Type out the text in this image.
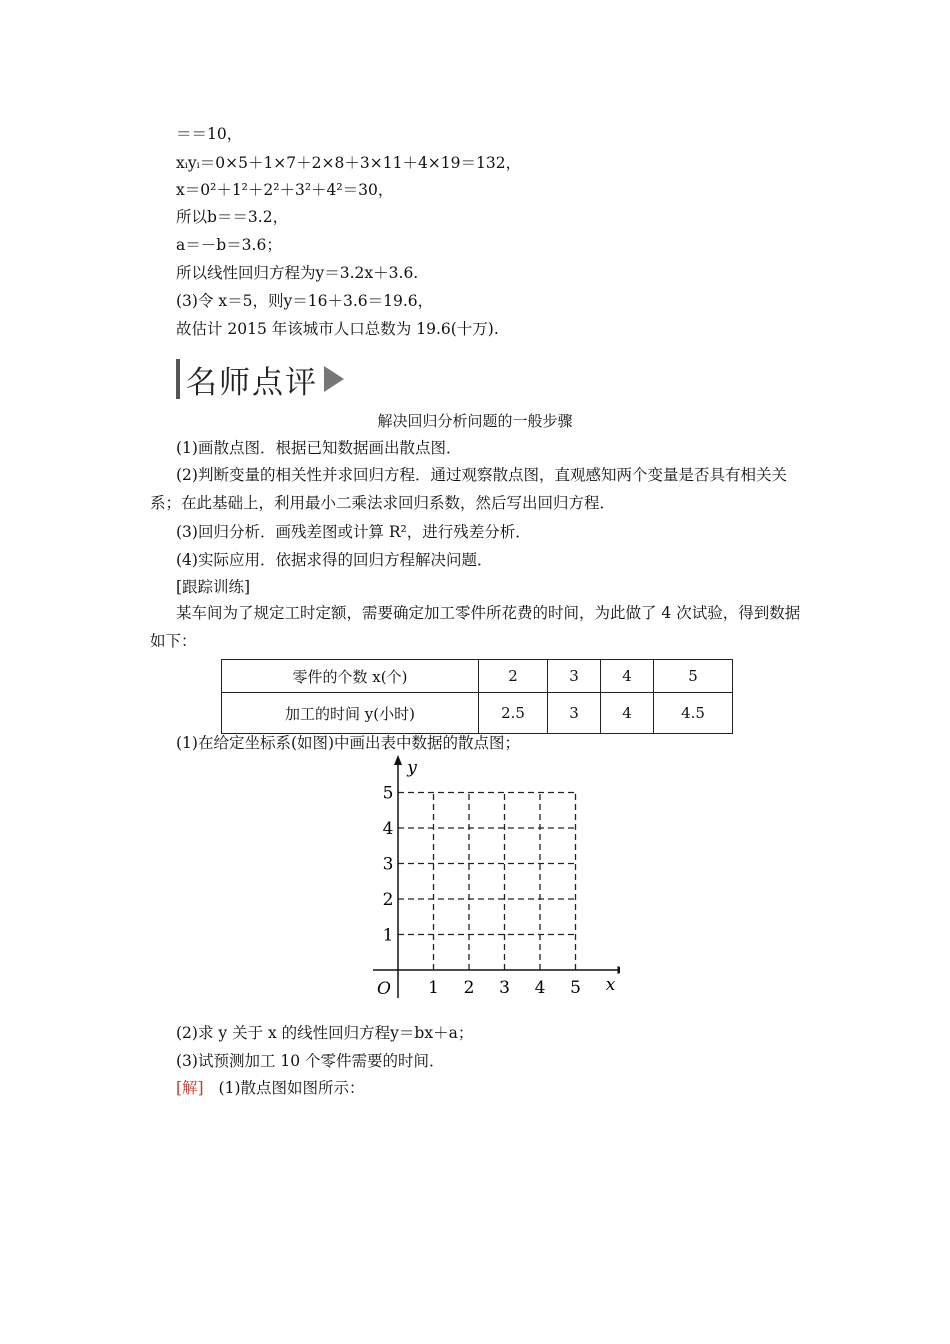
＝＝10，
xᵢyᵢ＝0×5＋1×7＋2×8＋3×11＋4×19＝132，
x＝0²＋1²＋2²＋3²＋4²＝30，
所以b＝＝3.2，
a＝－b＝3.6；
所以线性回归方程为y＝3.2x＋3.6.
(3)令 x＝5，则y＝16＋3.6＝19.6，
故估计 2015 年该城市人口总数为 19.6(十万).
名师点评
解决回归分析问题的一般步骤
(1)画散点图．根据已知数据画出散点图．
(2)判断变量的相关性并求回归方程．通过观察散点图，直观感知两个变量是否具有相关关系；在此基础上，利用最小二乘法求回归系数，然后写出回归方程．
(3)回归分析．画残差图或计算 R²，进行残差分析．
(4)实际应用．依据求得的回归方程解决问题．
[跟踪训练]
某车间为了规定工时定额，需要确定加工零件所花费的时间，为此做了 4 次试验，得到数据如下：
零件的个数 x(个)	2	3	4	5
加工的时间 y(小时)	2.5	3	4	4.5
(1)在给定坐标系(如图)中画出表中数据的散点图；
1 2 3 4 5
1
2
3
4
5
O	x
y
(2)求 y 关于 x 的线性回归方程y＝bx＋a；
(3)试预测加工 10 个零件需要的时间．
[解] (1)散点图如图所示：
